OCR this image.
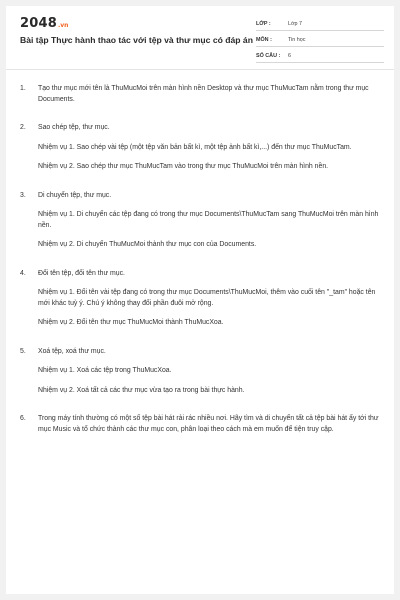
2048 .vn
Bài tập Thực hành thao tác với tệp và thư mục có đáp án
LỚP :	Lớp 7
MÔN :	Tin học
SỐ CÂU :	6
1.	Tạo thư mục mới tên là ThuMucMoi trên màn hình nền Desktop và thư mục ThuMucTam nằm trong thư mục Documents.

2.	Sao chép tệp, thư mục.

Nhiệm vụ 1. Sao chép vài tệp (một tệp văn bản bất kì, một tệp ảnh bất kì,...) đến thư mục ThuMucTam.

Nhiệm vụ 2. Sao chép thư mục ThuMucTam vào trong thư mục ThuMucMoi trên màn hình nền.

3.	Di chuyển tệp, thư mục.

Nhiệm vụ 1. Di chuyển các tệp đang có trong thư mục Documents\ThuMucTam sang ThuMucMoi trên màn hình nền.

Nhiệm vụ 2. Di chuyển ThuMucMoi thành thư mục con của Documents.

4.	Đổi tên tệp, đổi tên thư mục.

Nhiệm vụ 1. Đổi tên vài tệp đang có trong thư mục Documents\ThuMucMoi, thêm vào cuối tên "_tam" hoặc tên mới khác tuỳ ý. Chú ý không thay đổi phần đuôi mở rộng.

Nhiệm vụ 2. Đổi tên thư mục ThuMucMoi thành ThuMucXoa.

5.	Xoá tệp, xoá thư mục.

Nhiệm vụ 1. Xoá các tệp trong ThuMucXoa.

Nhiệm vụ 2. Xoá tất cả các thư mục vừa tạo ra trong bài thực hành.

6.	Trong máy tính thường có một số tệp bài hát rải rác nhiều nơi. Hãy tìm và di chuyển tất cả tệp bài hát ấy tới thư mục Music và tổ chức thành các thư mục con, phân loại theo cách mà em muốn để tiện truy cập.
